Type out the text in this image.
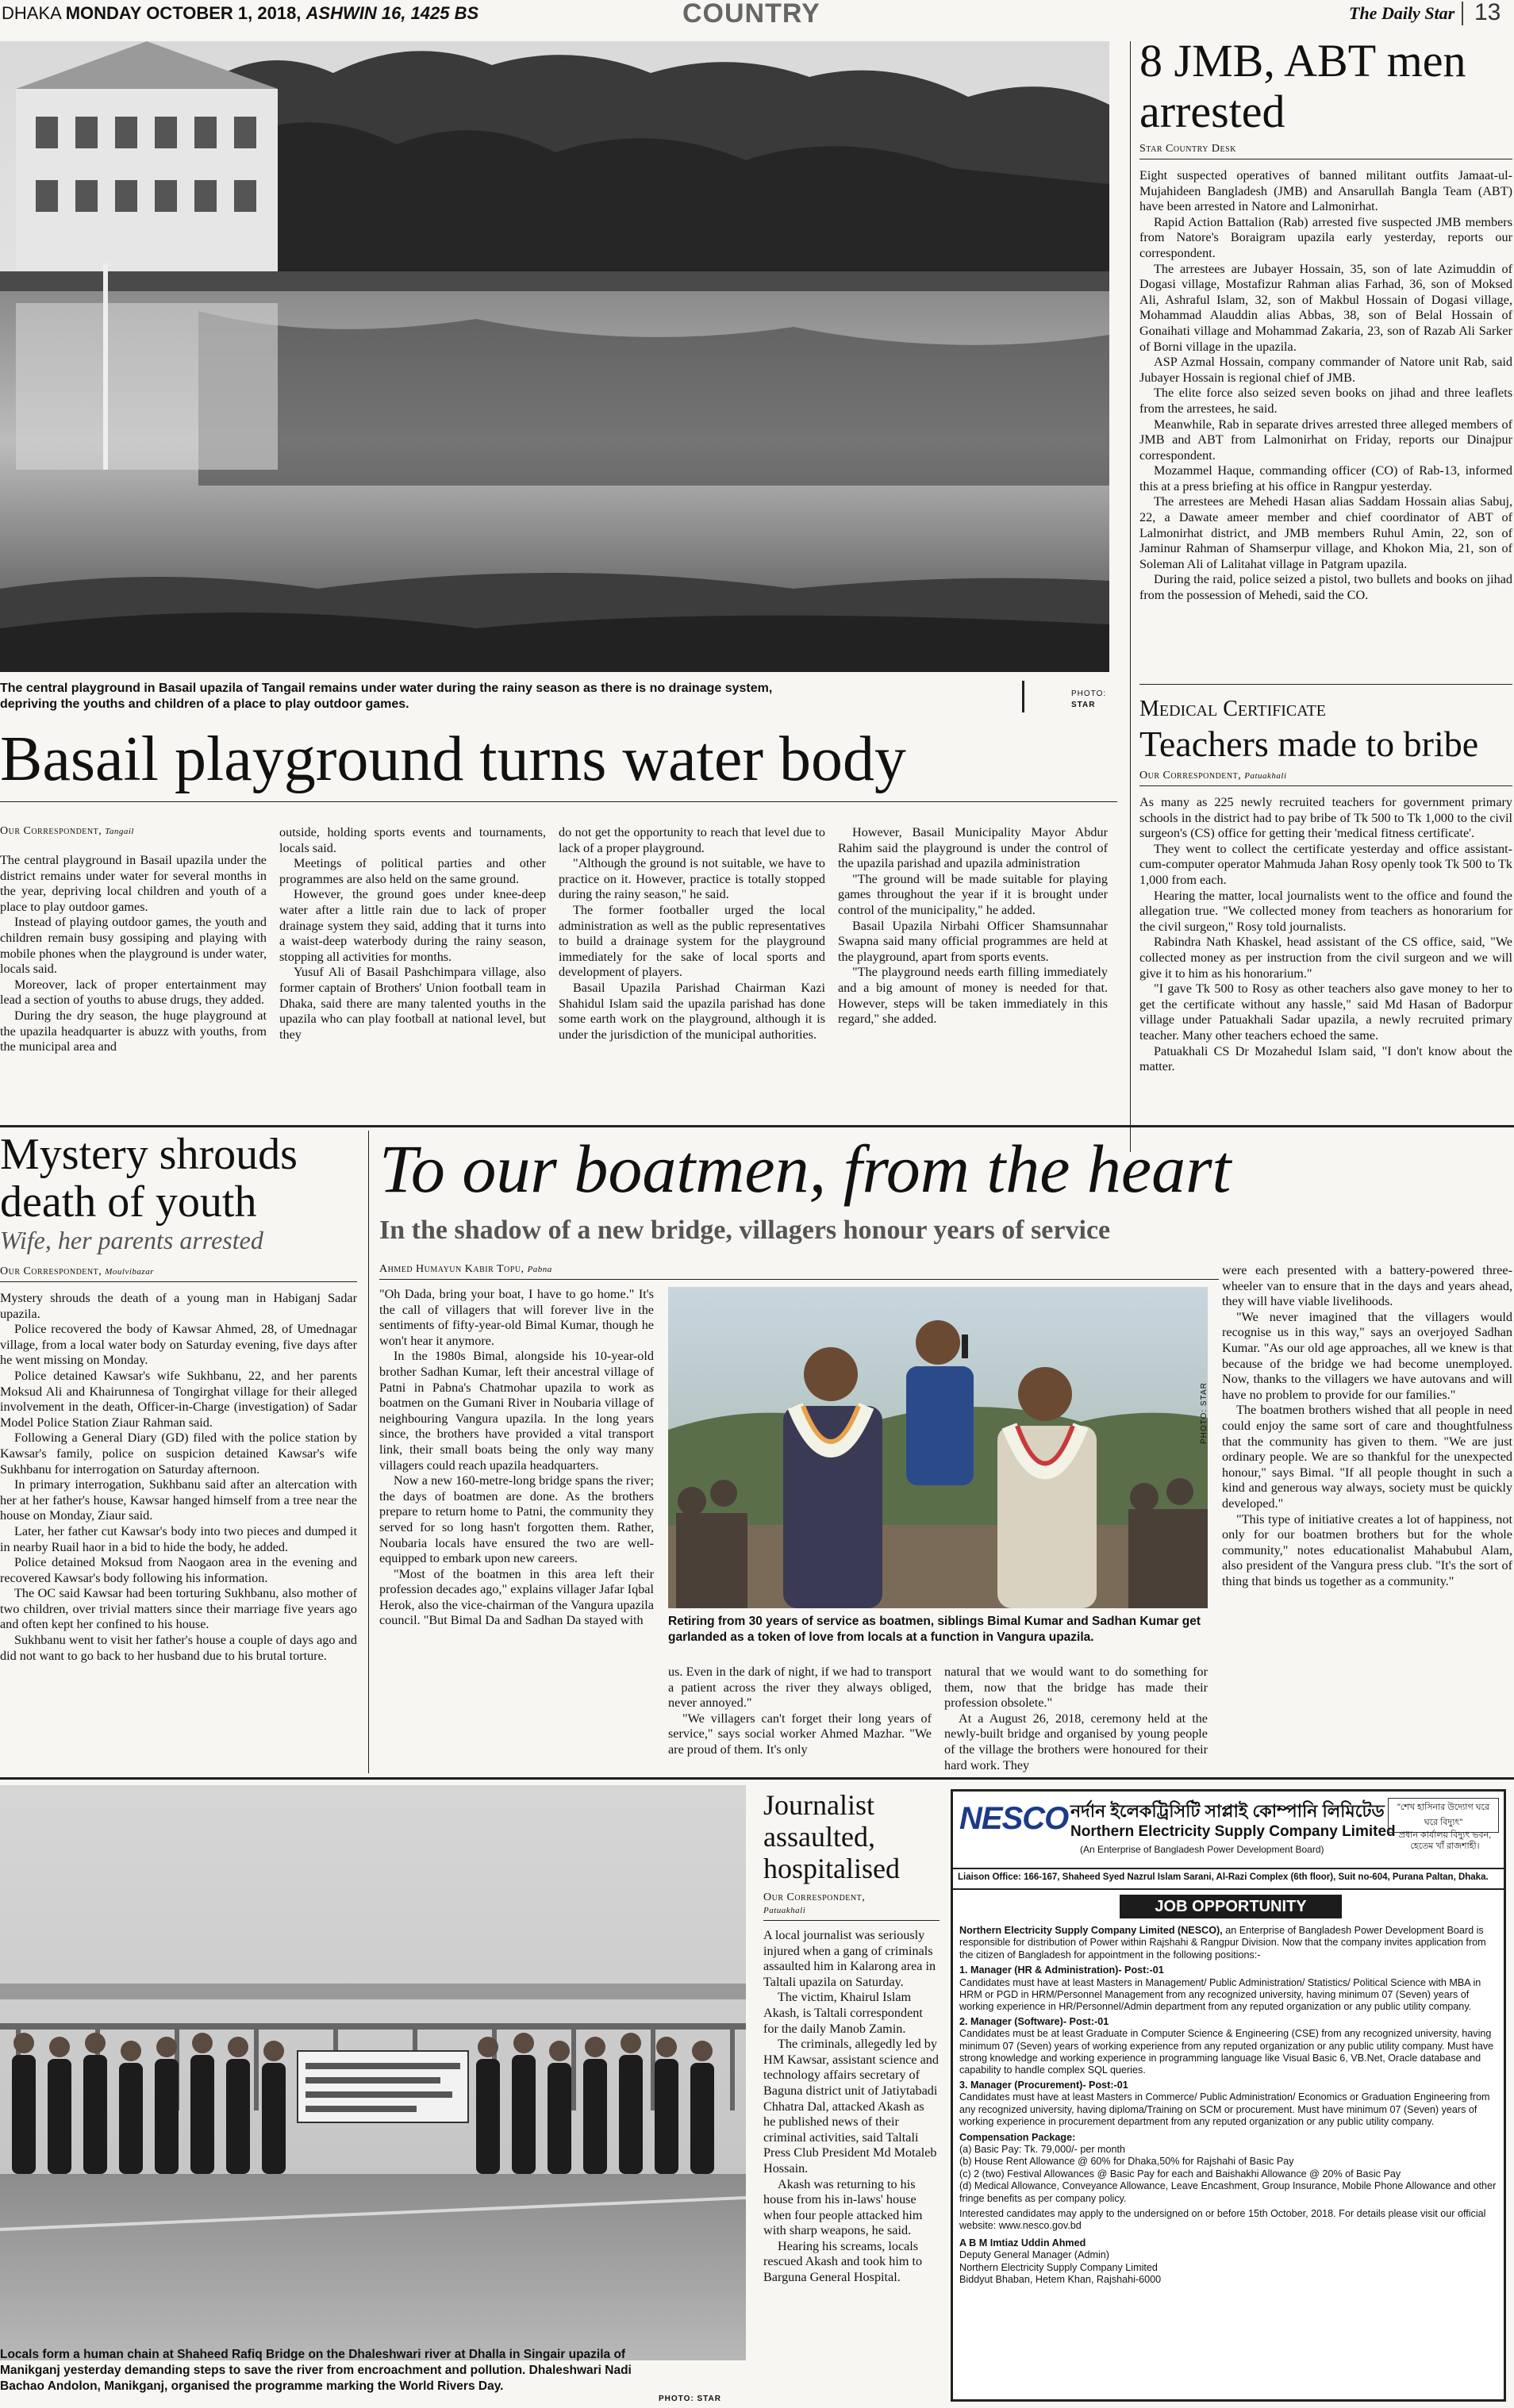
DHAKA MONDAY OCTOBER 1, 2018, ASHWIN 16, 1425 BS	COUNTRY	The Daily Star 13
The central playground in Basail upazila of Tangail remains under water during the rainy season as there is no drainage system, depriving the youths and children of a place to play outdoor games.
PHOTO:
STAR
Basail playground turns water body
Our Correspondent, Tangail

The central playground in Basail upazila under the district remains under water for several months in the year, depriving local children and youth of a place to play outdoor games.

Instead of playing outdoor games, the youth and children remain busy gossiping and playing with mobile phones when the playground is under water, locals said.

Moreover, lack of proper entertainment may lead a section of youths to abuse drugs, they added.

During the dry season, the huge playground at the upazila headquarter is abuzz with youths, from the municipal area and

outside, holding sports events and tournaments, locals said.

Meetings of political parties and other programmes are also held on the same ground.

However, the ground goes under knee-deep water after a little rain due to lack of proper drainage system they said, adding that it turns into a waist-deep waterbody during the rainy season, stopping all activities for months.

Yusuf Ali of Basail Pashchimpara village, also former captain of Brothers' Union football team in Dhaka, said there are many talented youths in the upazila who can play football at national level, but they

do not get the opportunity to reach that level due to lack of a proper playground.

"Although the ground is not suitable, we have to practice on it. However, practice is totally stopped during the rainy season," he said.

The former footballer urged the local administration as well as the public representatives to build a drainage system for the playground immediately for the sake of local sports and development of players.

Basail Upazila Parishad Chairman Kazi Shahidul Islam said the upazila parishad has done some earth work on the playground, although it is under the jurisdiction of the municipal authorities.

However, Basail Municipality Mayor Abdur Rahim said the playground is under the control of the upazila parishad and upazila administration

"The ground will be made suitable for playing games throughout the year if it is brought under control of the municipality," he added.

Basail Upazila Nirbahi Officer Shamsunnahar Swapna said many official programmes are held at the playground, apart from sports events.

"The playground needs earth filling immediately and a big amount of money is needed for that. However, steps will be taken immediately in this regard," she added.

8 JMB, ABT men arrested
Star Country Desk

Eight suspected operatives of banned militant outfits Jamaat-ul-Mujahideen Bangladesh (JMB) and Ansarullah Bangla Team (ABT) have been arrested in Natore and Lalmonirhat.

Rapid Action Battalion (Rab) arrested five suspected JMB members from Natore's Boraigram upazila early yesterday, reports our correspondent.

The arrestees are Jubayer Hossain, 35, son of late Azimuddin of Dogasi village, Mostafizur Rahman alias Farhad, 36, son of Moksed Ali, Ashraful Islam, 32, son of Makbul Hossain of Dogasi village, Mohammad Alauddin alias Abbas, 38, son of Belal Hossain of Gonaihati village and Mohammad Zakaria, 23, son of Razab Ali Sarker of Borni village in the upazila.

ASP Azmal Hossain, company commander of Natore unit Rab, said Jubayer Hossain is regional chief of JMB.

The elite force also seized seven books on jihad and three leaflets from the arrestees, he said.

Meanwhile, Rab in separate drives arrested three alleged members of JMB and ABT from Lalmonirhat on Friday, reports our Dinajpur correspondent.

Mozammel Haque, commanding officer (CO) of Rab-13, informed this at a press briefing at his office in Rangpur yesterday.

The arrestees are Mehedi Hasan alias Saddam Hossain alias Sabuj, 22, a Dawate ameer member and chief coordinator of ABT of Lalmonirhat district, and JMB members Ruhul Amin, 22, son of Jaminur Rahman of Shamserpur village, and Khokon Mia, 21, son of Soleman Ali of Lalitahat village in Patgram upazila.

During the raid, police seized a pistol, two bullets and books on jihad from the possession of Mehedi, said the CO.

Medical Certificate
Teachers made to bribe
Our Correspondent, Patuakhali

As many as 225 newly recruited teachers for government primary schools in the district had to pay bribe of Tk 500 to Tk 1,000 to the civil surgeon's (CS) office for getting their 'medical fitness certificate'.

They went to collect the certificate yesterday and office assistant-cum-computer operator Mahmuda Jahan Rosy openly took Tk 500 to Tk 1,000 from each.

Hearing the matter, local journalists went to the office and found the allegation true. "We collected money from teachers as honorarium for the civil surgeon," Rosy told journalists.

Rabindra Nath Khaskel, head assistant of the CS office, said, "We collected money as per instruction from the civil surgeon and we will give it to him as his honorarium."

"I gave Tk 500 to Rosy as other teachers also gave money to her to get the certificate without any hassle," said Md Hasan of Badorpur village under Patuakhali Sadar upazila, a newly recruited primary teacher. Many other teachers echoed the same.

Patuakhali CS Dr Mozahedul Islam said, "I don't know about the matter.

Mystery shrouds death of youth
Wife, her parents arrested
Our Correspondent, Moulvibazar

Mystery shrouds the death of a young man in Habiganj Sadar upazila.

Police recovered the body of Kawsar Ahmed, 28, of Umednagar village, from a local water body on Saturday evening, five days after he went missing on Monday.

Police detained Kawsar's wife Sukhbanu, 22, and her parents Moksud Ali and Khairunnesa of Tongirghat village for their alleged involvement in the death, Officer-in-Charge (investigation) of Sadar Model Police Station Ziaur Rahman said.

Following a General Diary (GD) filed with the police station by Kawsar's family, police on suspicion detained Kawsar's wife Sukhbanu for interrogation on Saturday afternoon.

In primary interrogation, Sukhbanu said after an altercation with her at her father's house, Kawsar hanged himself from a tree near the house on Monday, Ziaur said.

Later, her father cut Kawsar's body into two pieces and dumped it in nearby Ruail haor in a bid to hide the body, he added.

Police detained Moksud from Naogaon area in the evening and recovered Kawsar's body following his information.

The OC said Kawsar had been torturing Sukhbanu, also mother of two children, over trivial matters since their marriage five years ago and often kept her confined to his house.

Sukhbanu went to visit her father's house a couple of days ago and did not want to go back to her husband due to his brutal torture.

To our boatmen, from the heart
In the shadow of a new bridge, villagers honour years of service
Ahmed Humayun Kabir Topu, Pabna

"Oh Dada, bring your boat, I have to go home." It's the call of villagers that will forever live in the sentiments of fifty-year-old Bimal Kumar, though he won't hear it anymore.

In the 1980s Bimal, alongside his 10-year-old brother Sadhan Kumar, left their ancestral village of Patni in Pabna's Chatmohar upazila to work as boatmen on the Gumani River in Noubaria village of neighbouring Vangura upazila. In the long years since, the brothers have provided a vital transport link, their small boats being the only way many villagers could reach upazila headquarters.

Now a new 160-metre-long bridge spans the river; the days of boatmen are done. As the brothers prepare to return home to Patni, the community they served for so long hasn't forgotten them. Rather, Noubaria locals have ensured the two are well-equipped to embark upon new careers.

"Most of the boatmen in this area left their profession decades ago," explains villager Jafar Iqbal Herok, also the vice-chairman of the Vangura upazila council. "But Bimal Da and Sadhan Da stayed with

PHOTO: STAR
Retiring from 30 years of service as boatmen, siblings Bimal Kumar and Sadhan Kumar get garlanded as a token of love from locals at a function in Vangura upazila.

us. Even in the dark of night, if we had to transport a patient across the river they always obliged, never annoyed."

"We villagers can't forget their long years of service," says social worker Ahmed Mazhar. "We are proud of them. It's only

natural that we would want to do something for them, now that the bridge has made their profession obsolete."

At a August 26, 2018, ceremony held at the newly-built bridge and organised by young people of the village the brothers were honoured for their hard work. They

were each presented with a battery-powered three-wheeler van to ensure that in the days and years ahead, they will have viable livelihoods.

"We never imagined that the villagers would recognise us in this way," says an overjoyed Sadhan Kumar. "As our old age approaches, all we knew is that because of the bridge we had become unemployed. Now, thanks to the villagers we have autovans and will have no problem to provide for our families."

The boatmen brothers wished that all people in need could enjoy the same sort of care and thoughtfulness that the community has given to them. "We are just ordinary people. We are so thankful for the unexpected honour," says Bimal. "If all people thought in such a kind and generous way always, society must be quickly developed."

"This type of initiative creates a lot of happiness, not only for our boatmen brothers but for the whole community," notes educationalist Mahabubul Alam, also president of the Vangura press club. "It's the sort of thing that binds us together as a community."

Locals form a human chain at Shaheed Rafiq Bridge on the Dhaleshwari river at Dhalla in Singair upazila of Manikganj yesterday demanding steps to save the river from encroachment and pollution. Dhaleshwari Nadi Bachao Andolon, Manikganj, organised the programme marking the World Rivers Day.
PHOTO: STAR
Journalist assaulted, hospitalised
Our Correspondent,
Patuakhali

A local journalist was seriously injured when a gang of criminals assaulted him in Kalarong area in Taltali upazila on Saturday.

The victim, Khairul Islam Akash, is Taltali correspondent for the daily Manob Zamin.

The criminals, allegedly led by HM Kawsar, assistant science and technology affairs secretary of Baguna district unit of Jatiytabadi Chhatra Dal, attacked Akash as he published news of their criminal activities, said Taltali Press Club President Md Motaleb Hossain.

Akash was returning to his house from his in-laws' house when four people attacked him with sharp weapons, he said.

Hearing his screams, locals rescued Akash and took him to Barguna General Hospital.

NESCO নর্দান ইলেকট্রিসিটি সাপ্লাই কোম্পানি লিমিটেড
Northern Electricity Supply Company Limited
(An Enterprise of Bangladesh Power Development Board)
"শেখ হাসিনার উদ্যোগ ঘরে ঘরে বিদ্যুৎ"
প্রধান কার্যালয় বিদ্যুৎ ভবন, হেতেম খাঁ রাজশাহী।
Liaison Office: 166-167, Shaheed Syed Nazrul Islam Sarani, Al-Razi Complex (6th floor), Suit no-604, Purana Paltan, Dhaka.
JOB OPPORTUNITY
Northern Electricity Supply Company Limited (NESCO), an Enterprise of Bangladesh Power Development Board is responsible for distribution of Power within Rajshahi & Rangpur Division. Now that the company invites application from the citizen of Bangladesh for appointment in the following positions:-
1. Manager (HR & Administration)- Post:-01
Candidates must have at least Masters in Management/ Public Administration/ Statistics/ Political Science with MBA in HRM or PGD in HRM/Personnel Management from any recognized university, having minimum 07 (Seven) years of working experience in HR/Personnel/Admin department from any reputed organization or any public utility company.
2. Manager (Software)- Post:-01
Candidates must be at least Graduate in Computer Science & Engineering (CSE) from any recognized university, having minimum 07 (Seven) years of working experience from any reputed organization or any public utility company. Must have strong knowledge and working experience in programming language like Visual Basic 6, VB.Net, Oracle database and capability to handle complex SQL queries.
3. Manager (Procurement)- Post:-01
Candidates must have at least Masters in Commerce/ Public Administration/ Economics or Graduation Engineering from any recognized university, having diploma/Training on SCM or procurement. Must have minimum 07 (Seven) years of working experience in procurement department from any reputed organization or any public utility company.
Compensation Package:
(a) Basic Pay: Tk. 79,000/- per month
(b) House Rent Allowance @ 60% for Dhaka,50% for Rajshahi of Basic Pay
(c) 2 (two) Festival Allowances @ Basic Pay for each and Baishakhi Allowance @ 20% of Basic Pay
(d) Medical Allowance, Conveyance Allowance, Leave Encashment, Group Insurance, Mobile Phone Allowance and other fringe benefits as per company policy.
Interested candidates may apply to the undersigned on or before 15th October, 2018. For details please visit our official website: www.nesco.gov.bd
A B M Imtiaz Uddin Ahmed
Deputy General Manager (Admin)
Northern Electricity Supply Company Limited
Biddyut Bhaban, Hetem Khan, Rajshahi-6000
